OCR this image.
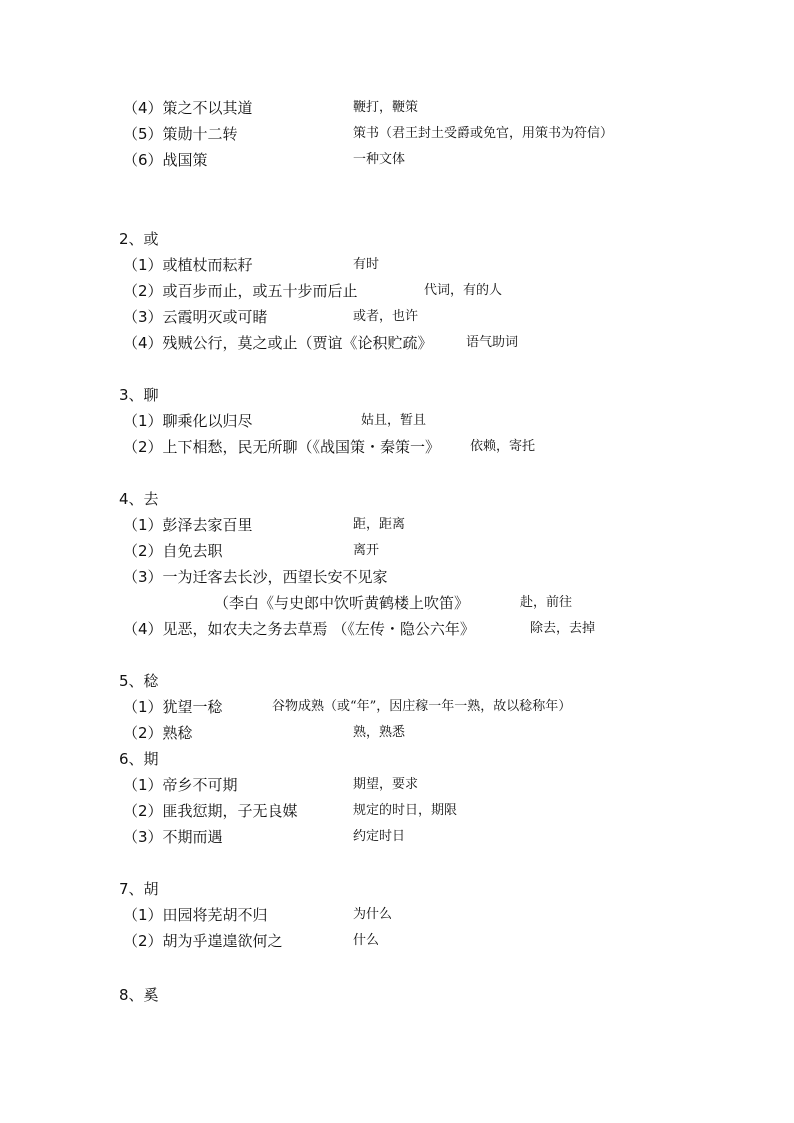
（4）策之不以其道	鞭打，鞭策
（5）策勋十二转	策书（君王封土受爵或免官，用策书为符信）
（6）战国策	一种文体
2、或
（1）或植杖而耘耔	有时
（2）或百步而止，或五十步而后止	代词，有的人
（3）云霞明灭或可睹	或者，也许
（4）残贼公行，莫之或止（贾谊《论积贮疏》	语气助词
3、聊
（1）聊乘化以归尽	姑且，暂且
（2）上下相愁，民无所聊（《战国策・秦策一》 依赖，寄托
4、去
（1）彭泽去家百里	距，距离
（2）自免去职	离开
（3）一为迁客去长沙，西望长安不见家
（李白《与史郎中饮听黄鹤楼上吹笛》	赴，前往
（4）见恶，如农夫之务去草焉 （《左传・隐公六年》	除去，去掉
5、稔
（1）犹望一稔	谷物成熟（或“年”，因庄稼一年一熟，故以稔称年）
（2）熟稔	熟，熟悉
6、期
（1）帝乡不可期	期望，要求
（2）匪我愆期，子无良媒	规定的时日，期限
（3）不期而遇	约定时日
7、胡
（1）田园将芜胡不归	为什么
（2）胡为乎遑遑欲何之	什么
8、奚
